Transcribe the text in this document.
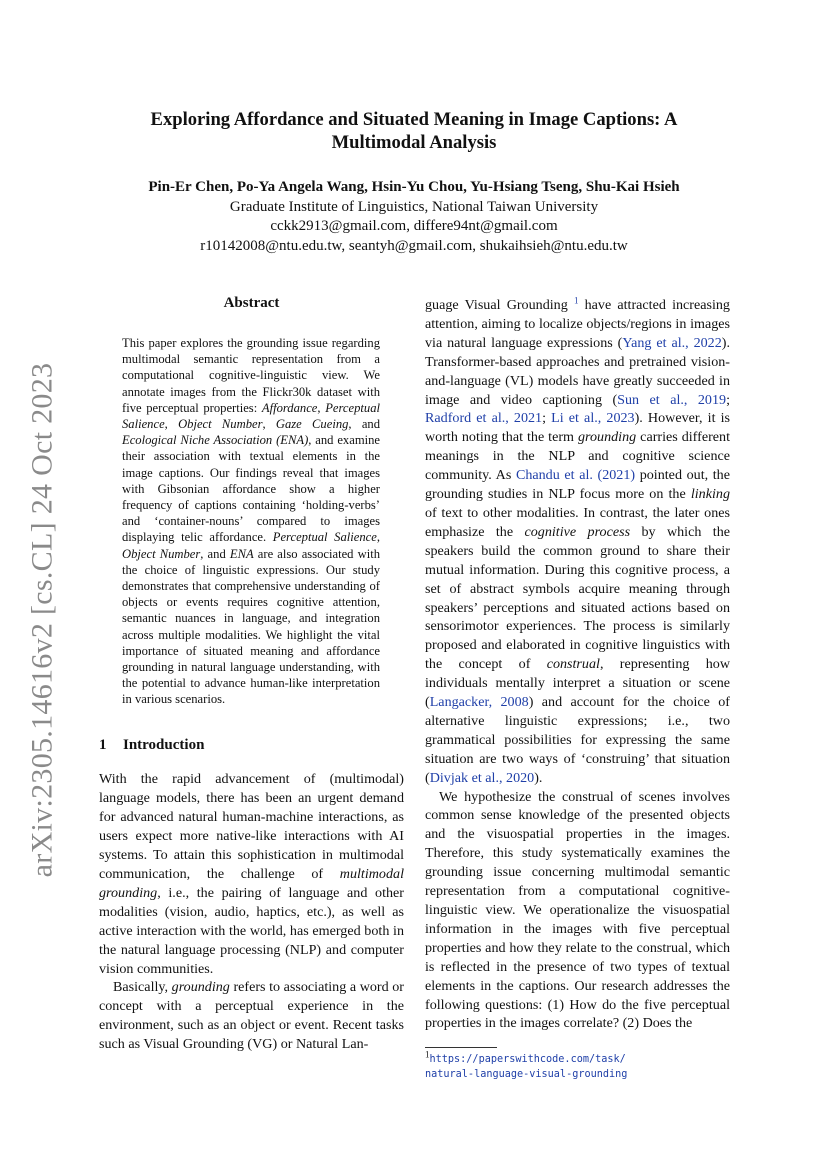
arXiv:2305.14616v2 [cs.CL] 24 Oct 2023
Exploring Affordance and Situated Meaning in Image Captions: A Multimodal Analysis
Pin-Er Chen, Po-Ya Angela Wang, Hsin-Yu Chou, Yu-Hsiang Tseng, Shu-Kai Hsieh
Graduate Institute of Linguistics, National Taiwan University
cckk2913@gmail.com, differe94nt@gmail.com
r10142008@ntu.edu.tw, seantyh@gmail.com, shukaihsieh@ntu.edu.tw
Abstract
This paper explores the grounding issue regarding multimodal semantic representation from a computational cognitive-linguistic view. We annotate images from the Flickr30k dataset with five perceptual properties: Affordance, Perceptual Salience, Object Number, Gaze Cueing, and Ecological Niche Association (ENA), and examine their association with textual elements in the image captions. Our findings reveal that images with Gibsonian affordance show a higher frequency of captions containing ‘holding-verbs’ and ‘container-nouns’ compared to images displaying telic affordance. Perceptual Salience, Object Number, and ENA are also associated with the choice of linguistic expressions. Our study demonstrates that comprehensive understanding of objects or events requires cognitive attention, semantic nuances in language, and integration across multiple modalities. We highlight the vital importance of situated meaning and affordance grounding in natural language understanding, with the potential to advance human-like interpretation in various scenarios.
1 Introduction

With the rapid advancement of (multimodal) language models, there has been an urgent demand for advanced natural human-machine interactions, as users expect more native-like interactions with AI systems. To attain this sophistication in multimodal communication, the challenge of multimodal grounding, i.e., the pairing of language and other modalities (vision, audio, haptics, etc.), as well as active interaction with the world, has emerged both in the natural language processing (NLP) and computer vision communities.

Basically, grounding refers to associating a word or concept with a perceptual experience in the environment, such as an object or event. Recent tasks such as Visual Grounding (VG) or Natural Lan-

guage Visual Grounding $^1$ have attracted increasing attention, aiming to localize objects/regions in images via natural language expressions (Yang et al., 2022). Transformer-based approaches and pretrained vision-and-language (VL) models have greatly succeeded in image and video captioning (Sun et al., 2019; Radford et al., 2021; Li et al., 2023). However, it is worth noting that the term grounding carries different meanings in the NLP and cognitive science community. As Chandu et al. (2021) pointed out, the grounding studies in NLP focus more on the linking of text to other modalities. In contrast, the later ones emphasize the cognitive process by which the speakers build the common ground to share their mutual information. During this cognitive process, a set of abstract symbols acquire meaning through speakers’ perceptions and situated actions based on sensorimotor experiences. The process is similarly proposed and elaborated in cognitive linguistics with the concept of construal, representing how individuals mentally interpret a situation or scene (Langacker, 2008) and account for the choice of alternative linguistic expressions; i.e., two grammatical possibilities for expressing the same situation are two ways of ‘construing’ that situation (Divjak et al., 2020).

We hypothesize the construal of scenes involves common sense knowledge of the presented objects and the visuospatial properties in the images. Therefore, this study systematically examines the grounding issue concerning multimodal semantic representation from a computational cognitive-linguistic view. We operationalize the visuospatial information in the images with five perceptual properties and how they relate to the construal, which is reflected in the presence of two types of textual elements in the captions. Our research addresses the following questions: (1) How do the five perceptual properties in the images correlate? (2) Does the

$^1$https://paperswithcode.com/task/
natural-language-visual-grounding
